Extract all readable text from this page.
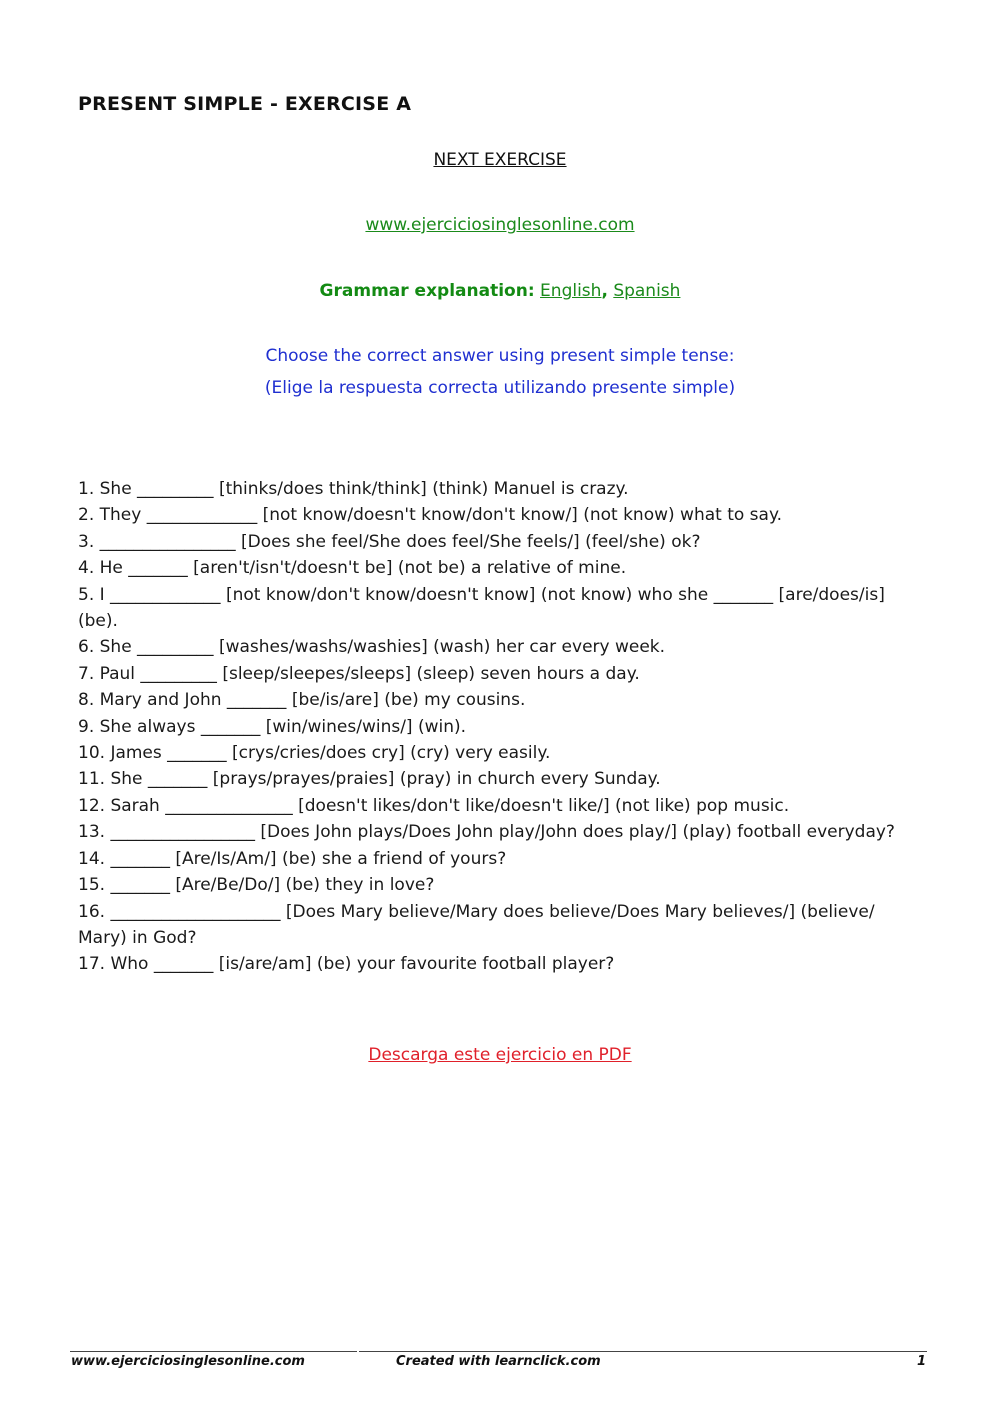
PRESENT SIMPLE - EXERCISE A
NEXT EXERCISE
www.ejerciciosinglesonline.com
Grammar explanation: English, Spanish
Choose the correct answer using present simple tense:
(Elige la respuesta correcta utilizando presente simple)
1. She _________ [thinks/does think/think] (think) Manuel is crazy.
2. They _____________ [not know/doesn't know/don't know/] (not know) what to say.
3. ________________ [Does she feel/She does feel/She feels/] (feel/she) ok?
4. He _______ [aren't/isn't/doesn't be] (not be) a relative of mine.
5. I _____________ [not know/don't know/doesn't know] (not know) who she _______ [are/does/is] (be).
6. She _________ [washes/washs/washies] (wash) her car every week.
7. Paul _________ [sleep/sleepes/sleeps] (sleep) seven hours a day.
8. Mary and John _______ [be/is/are] (be) my cousins.
9. She always _______ [win/wines/wins/] (win).
10. James _______ [crys/cries/does cry] (cry) very easily.
11. She _______ [prays/prayes/praies] (pray) in church every Sunday.
12. Sarah _______________ [doesn't likes/don't like/doesn't like/] (not like) pop music.
13. _________________ [Does John plays/Does John play/John does play/] (play) football everyday?
14. _______ [Are/Is/Am/] (be) she a friend of yours?
15. _______ [Are/Be/Do/] (be) they in love?
16. ____________________ [Does Mary believe/Mary does believe/Does Mary believes/] (believe/ Mary) in God?
17. Who _______ [is/are/am] (be) your favourite football player?
Descarga este ejercicio en PDF
www.ejerciciosinglesonline.com	Created with learnclick.com	1
